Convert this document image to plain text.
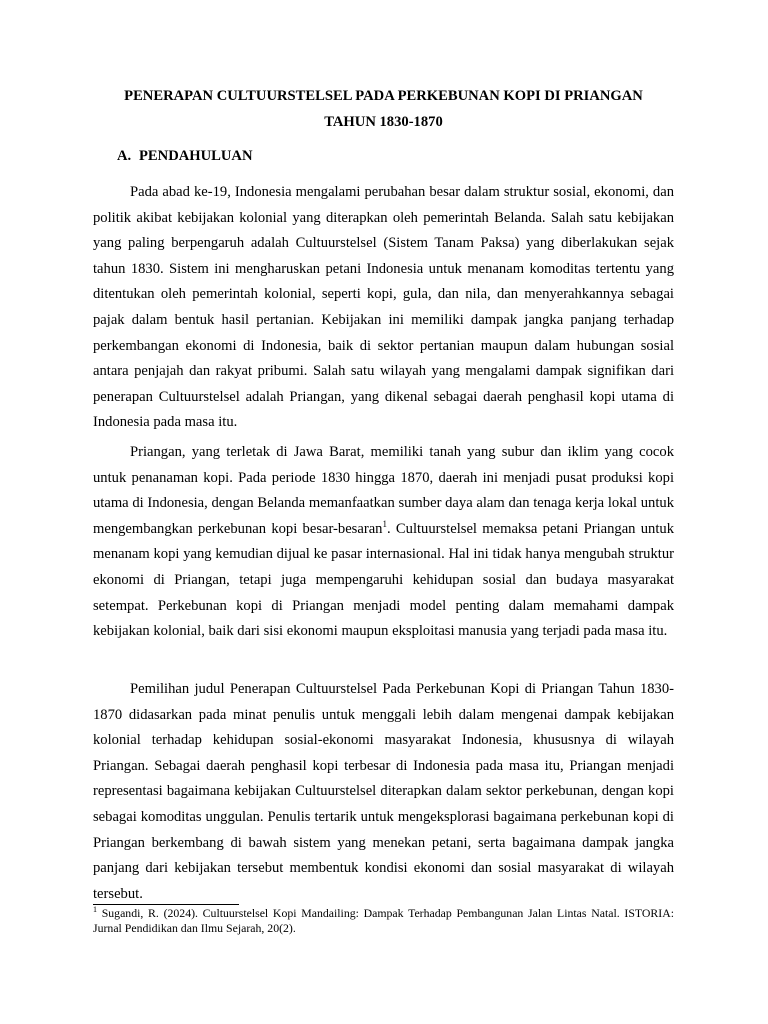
PENERAPAN CULTUURSTELSEL PADA PERKEBUNAN KOPI DI PRIANGAN
TAHUN 1830-1870
A. PENDAHULUAN

Pada abad ke-19, Indonesia mengalami perubahan besar dalam struktur sosial, ekonomi, dan politik akibat kebijakan kolonial yang diterapkan oleh pemerintah Belanda. Salah satu kebijakan yang paling berpengaruh adalah Cultuurstelsel (Sistem Tanam Paksa) yang diberlakukan sejak tahun 1830. Sistem ini mengharuskan petani Indonesia untuk menanam komoditas tertentu yang ditentukan oleh pemerintah kolonial, seperti kopi, gula, dan nila, dan menyerahkannya sebagai pajak dalam bentuk hasil pertanian. Kebijakan ini memiliki dampak jangka panjang terhadap perkembangan ekonomi di Indonesia, baik di sektor pertanian maupun dalam hubungan sosial antara penjajah dan rakyat pribumi. Salah satu wilayah yang mengalami dampak signifikan dari penerapan Cultuurstelsel adalah Priangan, yang dikenal sebagai daerah penghasil kopi utama di Indonesia pada masa itu.

Priangan, yang terletak di Jawa Barat, memiliki tanah yang subur dan iklim yang cocok untuk penanaman kopi. Pada periode 1830 hingga 1870, daerah ini menjadi pusat produksi kopi utama di Indonesia, dengan Belanda memanfaatkan sumber daya alam dan tenaga kerja lokal untuk mengembangkan perkebunan kopi besar-besaran$^1$. Cultuurstelsel memaksa petani Priangan untuk menanam kopi yang kemudian dijual ke pasar internasional. Hal ini tidak hanya mengubah struktur ekonomi di Priangan, tetapi juga mempengaruhi kehidupan sosial dan budaya masyarakat setempat. Perkebunan kopi di Priangan menjadi model penting dalam memahami dampak kebijakan kolonial, baik dari sisi ekonomi maupun eksploitasi manusia yang terjadi pada masa itu.

Pemilihan judul Penerapan Cultuurstelsel Pada Perkebunan Kopi di Priangan Tahun 1830-1870 didasarkan pada minat penulis untuk menggali lebih dalam mengenai dampak kebijakan kolonial terhadap kehidupan sosial-ekonomi masyarakat Indonesia, khususnya di wilayah Priangan. Sebagai daerah penghasil kopi terbesar di Indonesia pada masa itu, Priangan menjadi representasi bagaimana kebijakan Cultuurstelsel diterapkan dalam sektor perkebunan, dengan kopi sebagai komoditas unggulan. Penulis tertarik untuk mengeksplorasi bagaimana perkebunan kopi di Priangan berkembang di bawah sistem yang menekan petani, serta bagaimana dampak jangka panjang dari kebijakan tersebut membentuk kondisi ekonomi dan sosial masyarakat di wilayah tersebut.

$^1$ Sugandi, R. (2024). Cultuurstelsel Kopi Mandailing: Dampak Terhadap Pembangunan Jalan Lintas Natal. ISTORIA: Jurnal Pendidikan dan Ilmu Sejarah, 20(2).
